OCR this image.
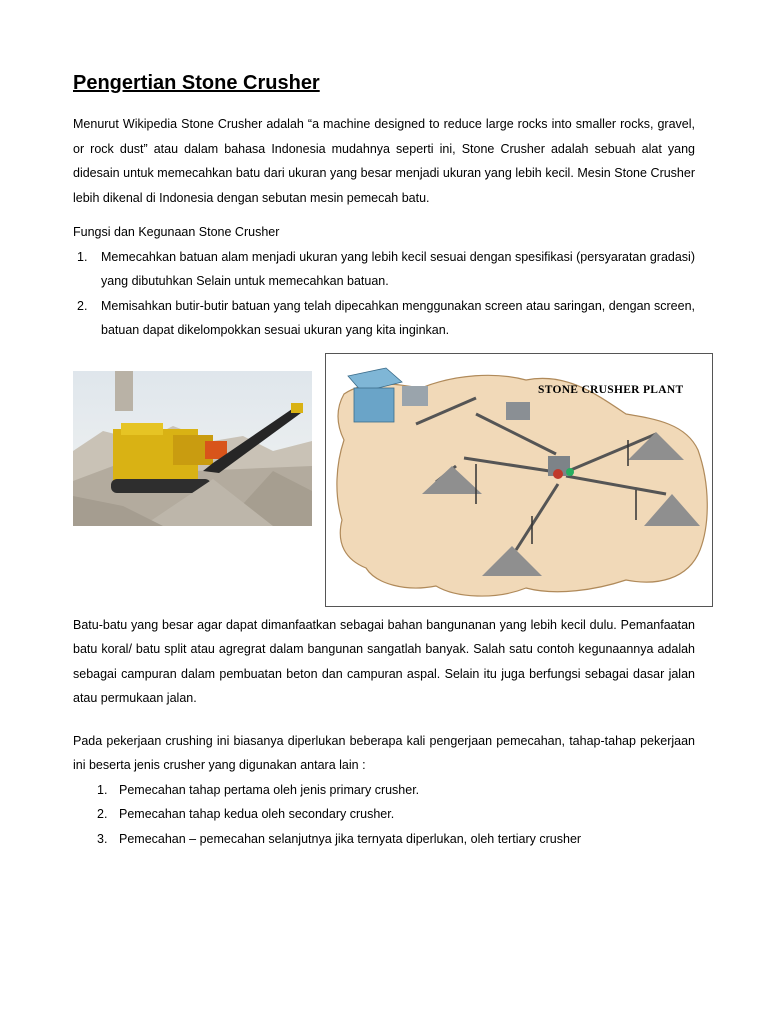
Pengertian Stone Crusher

Menurut Wikipedia Stone Crusher adalah “a machine designed to reduce large rocks into smaller rocks, gravel, or rock dust” atau dalam bahasa Indonesia mudahnya seperti ini, Stone Crusher adalah sebuah alat yang didesain untuk memecahkan batu dari ukuran yang besar menjadi ukuran yang lebih kecil. Mesin Stone Crusher lebih dikenal di Indonesia dengan sebutan mesin pemecah batu.

Fungsi dan Kegunaan Stone Crusher

1. Memecahkan batuan alam menjadi ukuran yang lebih kecil sesuai dengan spesifikasi (persyaratan gradasi) yang dibutuhkan Selain untuk memecahkan batuan.
2. Memisahkan butir-butir batuan yang telah dipecahkan menggunakan screen atau saringan, dengan screen, batuan dapat dikelompokkan sesuai ukuran yang kita inginkan.
STONE CRUSHER PLANT

Batu-batu yang besar agar dapat dimanfaatkan sebagai bahan bangunanan yang lebih kecil dulu. Pemanfaatan batu koral/ batu split atau agregrat dalam bangunan sangatlah banyak. Salah satu contoh kegunaannya adalah sebagai campuran dalam pembuatan beton dan campuran aspal. Selain itu juga berfungsi sebagai dasar jalan atau permukaan jalan.

Pada pekerjaan crushing ini biasanya diperlukan beberapa kali pengerjaan pemecahan, tahap-tahap pekerjaan ini beserta jenis crusher yang digunakan antara lain :

1. Pemecahan tahap pertama oleh jenis primary crusher.
2. Pemecahan tahap kedua oleh secondary crusher.
3. Pemecahan – pemecahan selanjutnya jika ternyata diperlukan, oleh tertiary crusher
